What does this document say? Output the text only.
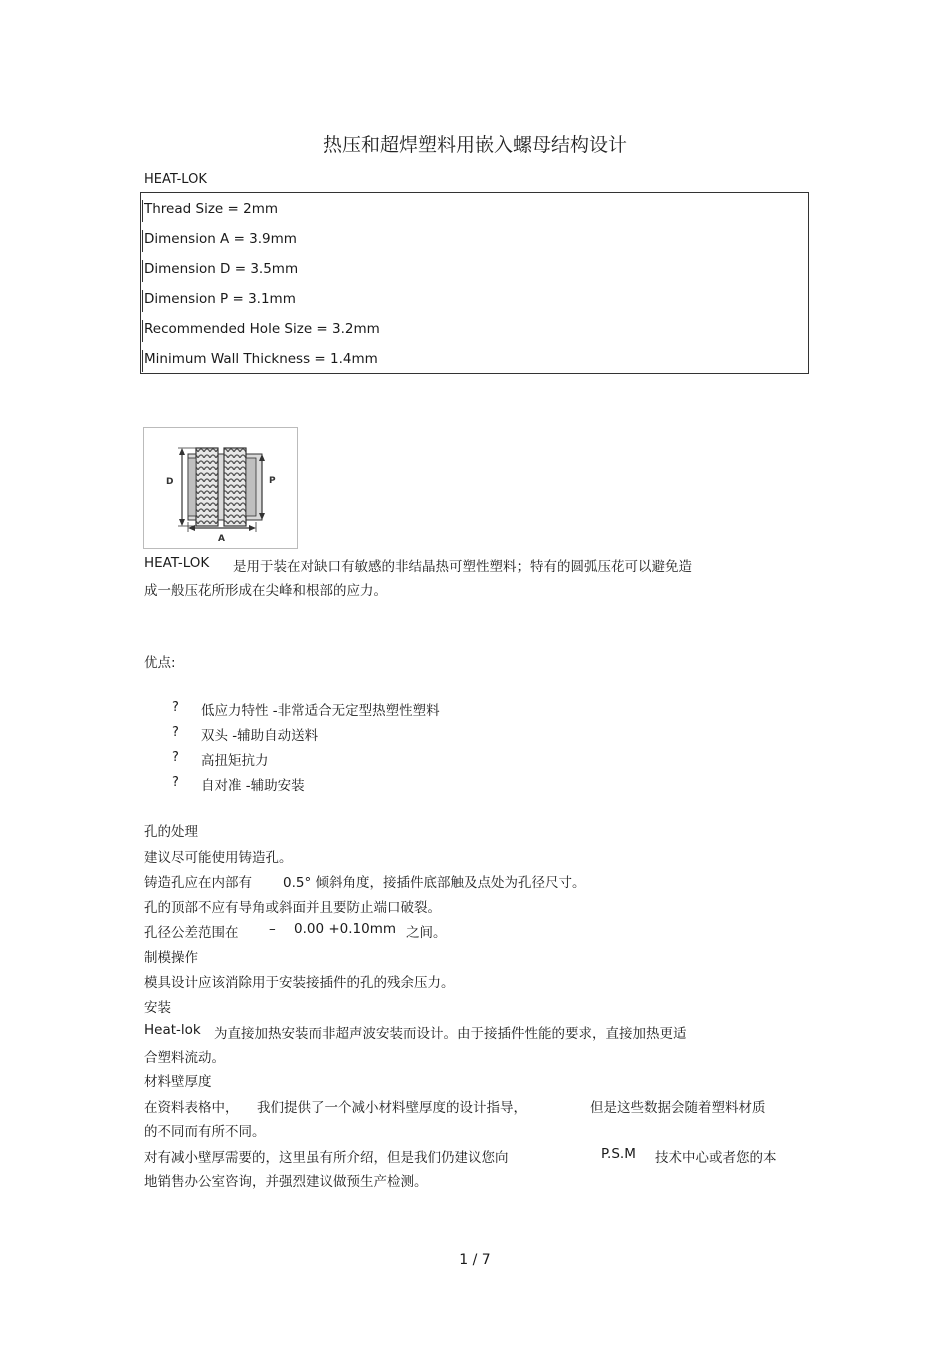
热压和超焊塑料用嵌入螺母结构设计
HEAT-LOK
Thread Size = 2mm
Dimension A = 3.9mm
Dimension D = 3.5mm
Dimension P = 3.1mm
Recommended Hole Size = 3.2mm
Minimum Wall Thickness = 1.4mm
D	P
A
HEAT-LOK 是用于装在对缺口有敏感的非结晶热可塑性塑料；特有的圆弧压花可以避免造
成一般压花所形成在尖峰和根部的应力。
优点:
? 低应力特性 -非常适合无定型热塑性塑料
? 双头 -辅助自动送料
? 高扭矩抗力
? 自对准 -辅助安装
孔的处理
建议尽可能使用铸造孔。
铸造孔应在内部有 0.5° 倾斜角度，接插件底部触及点处为孔径尺寸。
孔的顶部不应有导角或斜面并且要防止端口破裂。
孔径公差范围在 – 0.00 +0.10mm 之间。
制模操作
模具设计应该消除用于安装接插件的孔的残余压力。
安装
Heat-lok 为直接加热安装而非超声波安装而设计。由于接插件性能的要求，直接加热更适
合塑料流动。
材料壁厚度
在资料表格中， 我们提供了一个减小材料壁厚度的设计指导，	但是这些数据会随着塑料材质
的不同而有所不同。
对有减小壁厚需要的，这里虽有所介绍，但是我们仍建议您向	P.S.M 技术中心或者您的本
地销售办公室咨询，并强烈建议做预生产检测。
1 / 7
